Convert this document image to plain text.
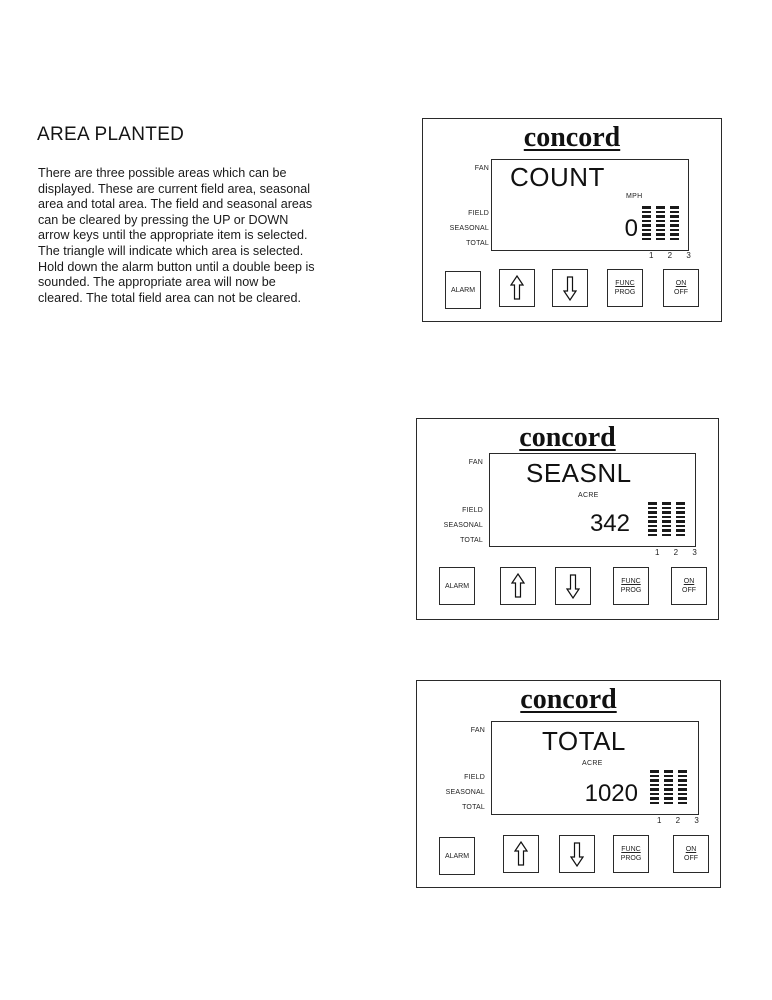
AREA PLANTED
There are three possible areas which can be
displayed. These are current field area, seasonal
area and total area. The field and seasonal areas
can be cleared by pressing the UP or DOWN
arrow keys until the appropriate item is selected.
The triangle will indicate which area is selected.
Hold down the alarm button until a double beep is
sounded. The appropriate area will now be
cleared. The total field area can not be cleared.
concord
FAN
FIELD
SEASONAL
TOTAL
COUNT
MPH
0
1 2 3
ALARM
FUNC
PROG
ON
OFF
concord
FAN
FIELD
SEASONAL
TOTAL
SEASNL
ACRE
342
1 2 3
ALARM
FUNC
PROG
ON
OFF
concord
FAN
FIELD
SEASONAL
TOTAL
TOTAL
ACRE
1020
1 2 3
ALARM
FUNC
PROG
ON
OFF
